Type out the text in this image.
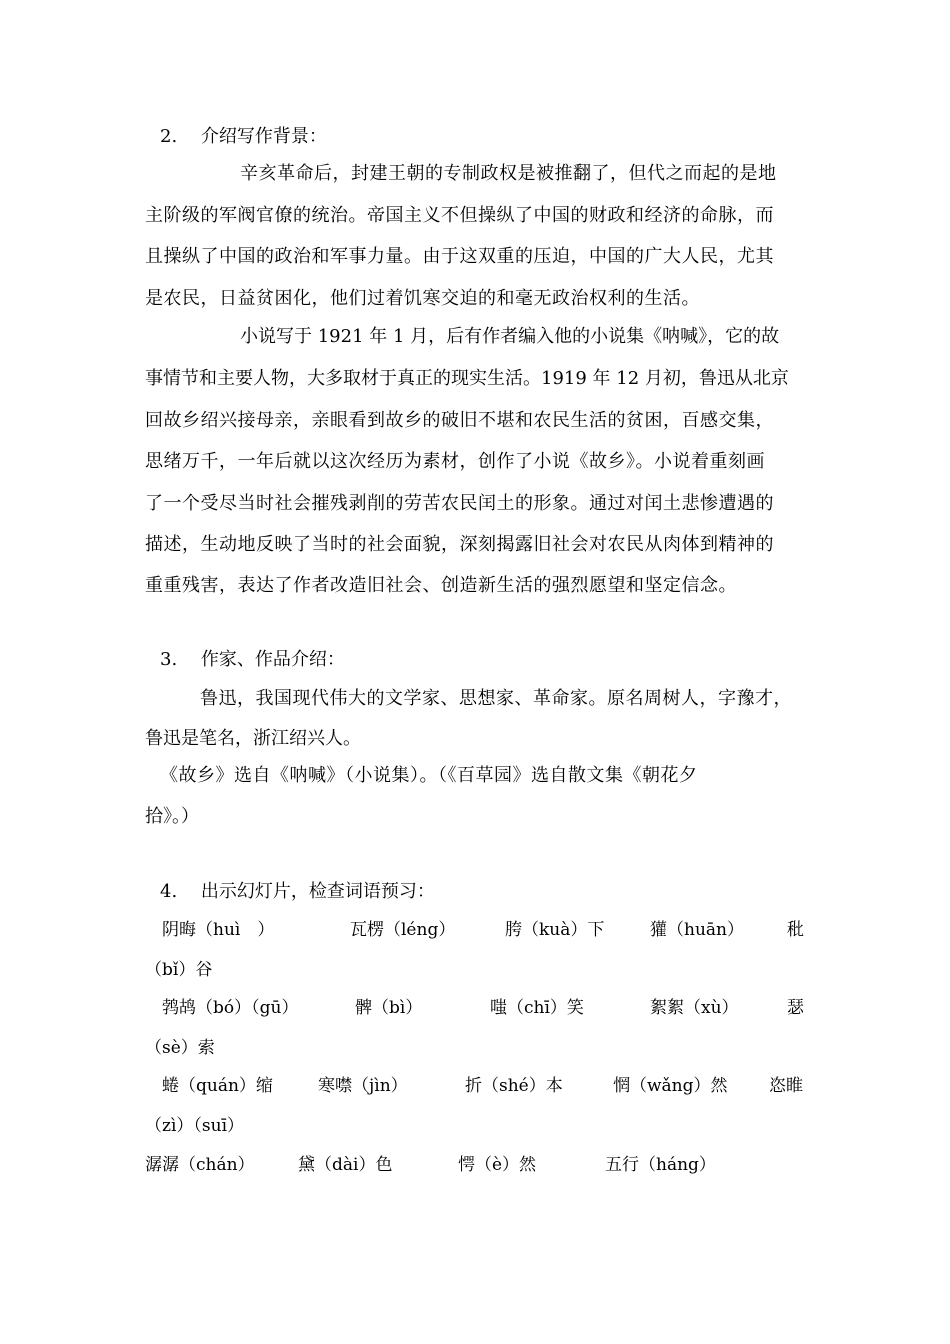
2.　 介绍写作背景：
辛亥革命后，封建王朝的专制政权是被推翻了，但代之而起的是地
主阶级的军阀官僚的统治。帝国主义不但操纵了中国的财政和经济的命脉，而
且操纵了中国的政治和军事力量。由于这双重的压迫，中国的广大人民，尤其
是农民，日益贫困化，他们过着饥寒交迫的和毫无政治权利的生活。
小说写于 1921 年 1 月，后有作者编入他的小说集《呐喊》，它的故
事情节和主要人物，大多取材于真正的现实生活。1919 年 12 月初，鲁迅从北京
回故乡绍兴接母亲，亲眼看到故乡的破旧不堪和农民生活的贫困，百感交集，
思绪万千，一年后就以这次经历为素材，创作了小说《故乡》。小说着重刻画
了一个受尽当时社会摧残剥削的劳苦农民闰土的形象。通过对闰土悲惨遭遇的
描述，生动地反映了当时的社会面貌，深刻揭露旧社会对农民从肉体到精神的
重重残害，表达了作者改造旧社会、创造新生活的强烈愿望和坚定信念。
3.　 作家、作品介绍：
鲁迅，我国现代伟大的文学家、思想家、革命家。原名周树人，字豫才，
鲁迅是笔名，浙江绍兴人。
《故乡》选自《呐喊》（小说集）。（《百草园》选自散文集《朝花夕
拾》。）
4.　 出示幻灯片，检查词语预习：
阴晦（huì　）	瓦楞（léng）	胯（kuà）下	獾（huān）	秕
（bǐ）谷
鹁鸪（bó）（gū）	髀（bì）	嗤（chī）笑	絮絮（xù）	瑟
（sè）索
蜷（quán）缩	寒噤（jìn）	折（shé）本	惘（wǎng）然 恣睢
（zì）（suī）
潺潺（chán）	黛（dài）色	愕（è）然	五行（háng）
